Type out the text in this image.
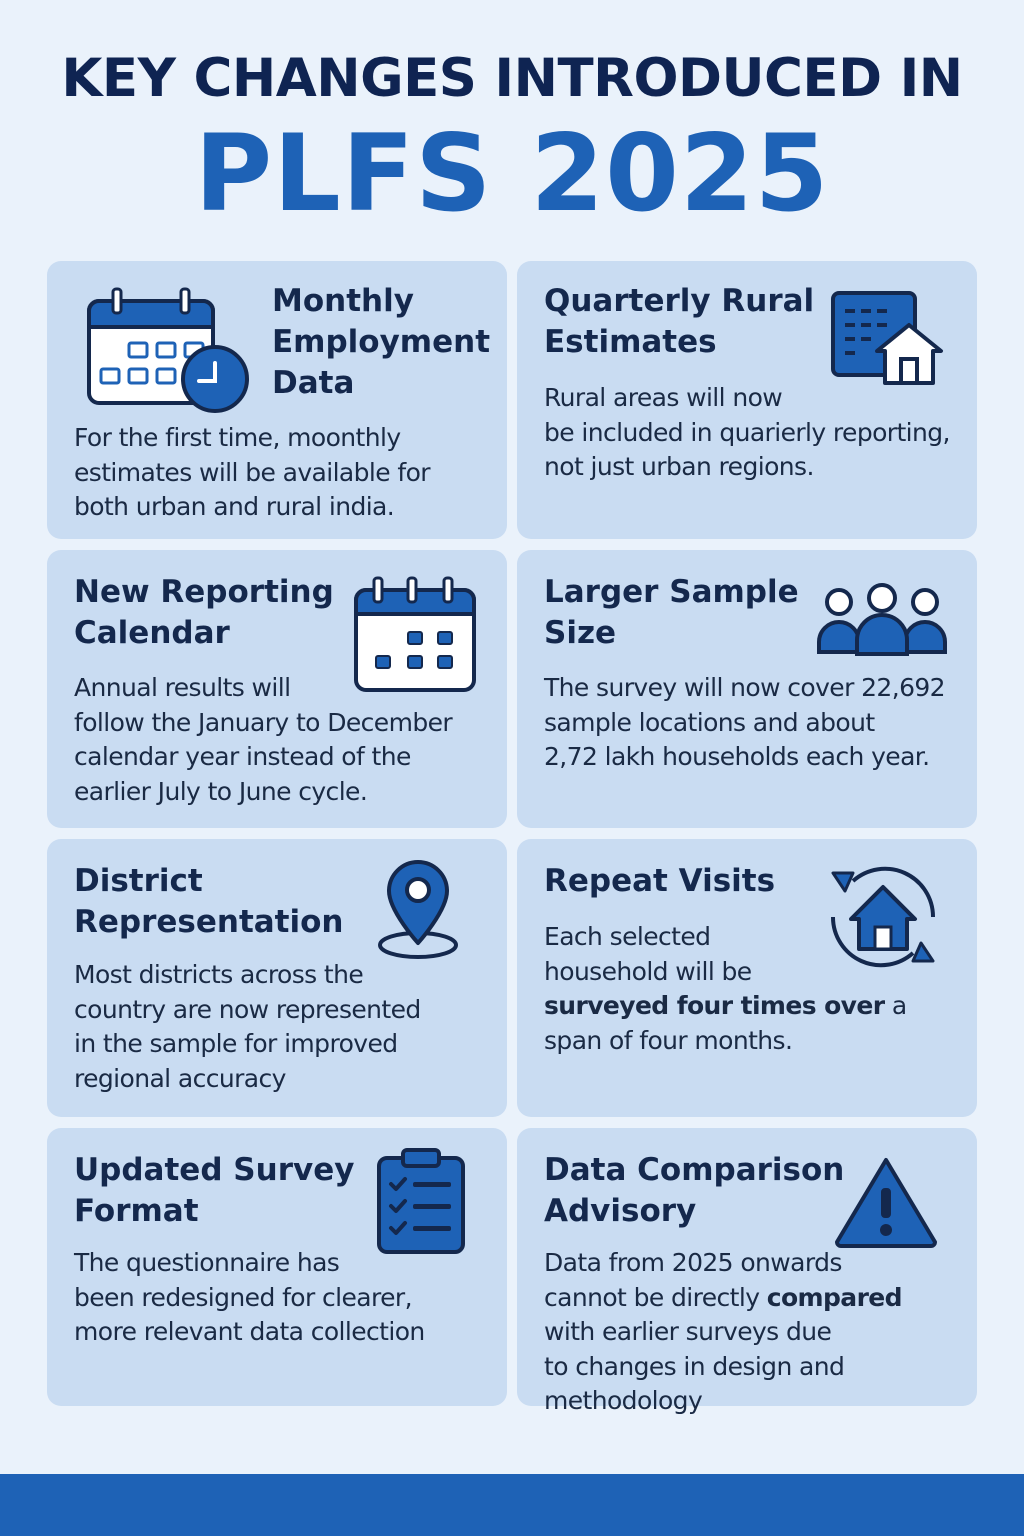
KEY CHANGES INTRODUCED IN
PLFS 2025
Monthly
Employment
Data
For the first time, moonthly
estimates will be available for
both urban and rural india.
Quarterly Rural
Estimates
Rural areas will now
be included in quarierly reporting,
not just urban regions.
New Reporting
Calendar
Annual results will
follow the January to December
calendar year instead of the
earlier July to June cycle.
Larger Sample
Size
The survey will now cover 22,692
sample locations and about
2,72 lakh households each year.
District
Representation
Most districts across the
country are now represented
in the sample for improved
regional accuracy
Repeat Visits
Each selected
household will be
surveyed four times over a
span of four months.
Updated Survey
Format
The questionnaire has
been redesigned for clearer,
more relevant data collection
Data Comparison
Advisory
Data from 2025 onwards
cannot be directly compared
with earlier surveys due
to changes in design and
methodology
